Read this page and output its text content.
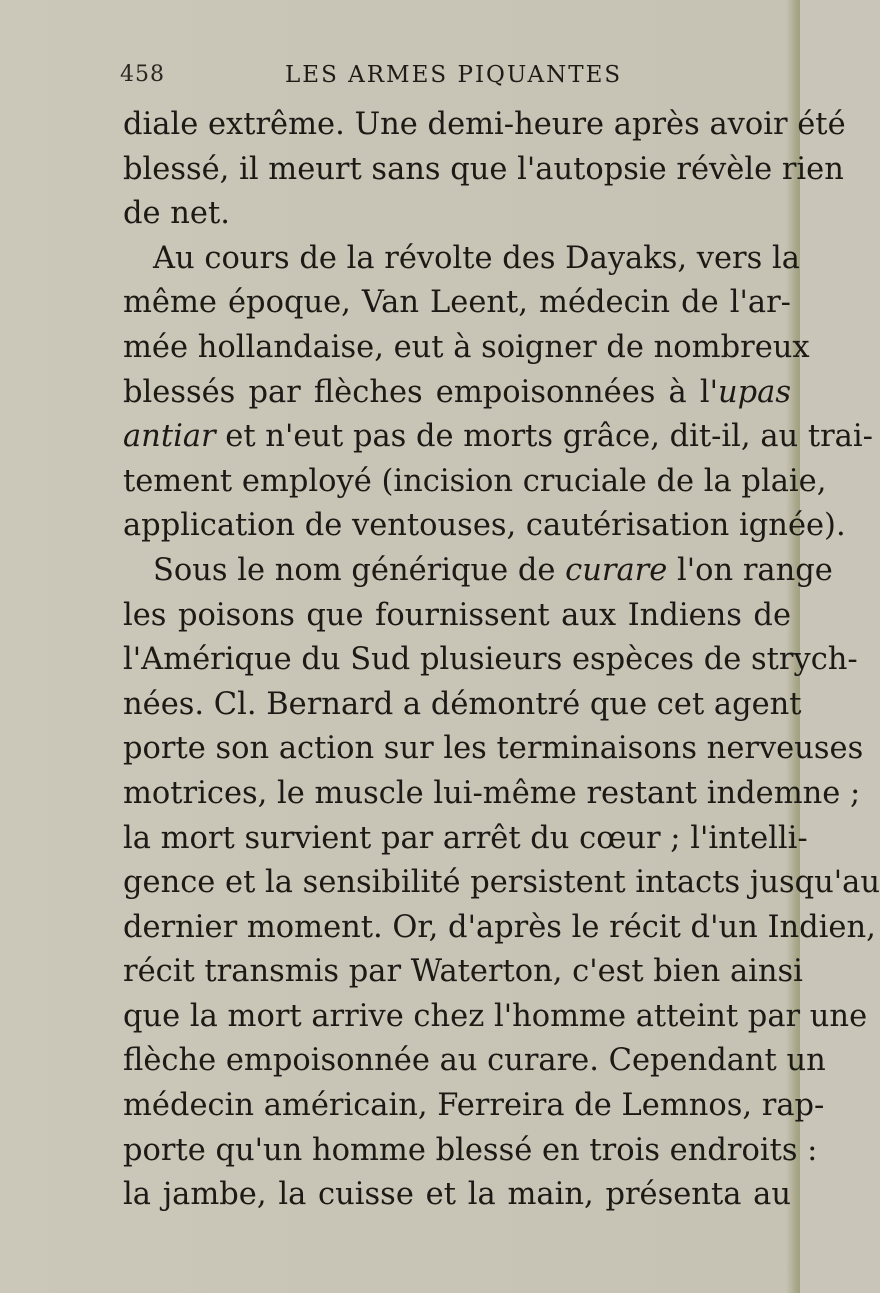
458	LES ARMES PIQUANTES
diale extrême. Une demi-heure après avoir été
blessé, il meurt sans que l'autopsie révèle rien
de net.
Au cours de la révolte des Dayaks, vers la
même époque, Van Leent, médecin de l'ar-
mée hollandaise, eut à soigner de nombreux
blessés par flèches empoisonnées à l'upas
antiar et n'eut pas de morts grâce, dit-il, au trai-
tement employé (incision cruciale de la plaie,
application de ventouses, cautérisation ignée).
Sous le nom générique de curare l'on range
les poisons que fournissent aux Indiens de
l'Amérique du Sud plusieurs espèces de strych-
nées. Cl. Bernard a démontré que cet agent
porte son action sur les terminaisons nerveuses
motrices, le muscle lui-même restant indemne ;
la mort survient par arrêt du cœur ; l'intelli-
gence et la sensibilité persistent intacts jusqu'au
dernier moment. Or, d'après le récit d'un Indien,
récit transmis par Waterton, c'est bien ainsi
que la mort arrive chez l'homme atteint par une
flèche empoisonnée au curare. Cependant un
médecin américain, Ferreira de Lemnos, rap-
porte qu'un homme blessé en trois endroits :
la jambe, la cuisse et la main, présenta au
